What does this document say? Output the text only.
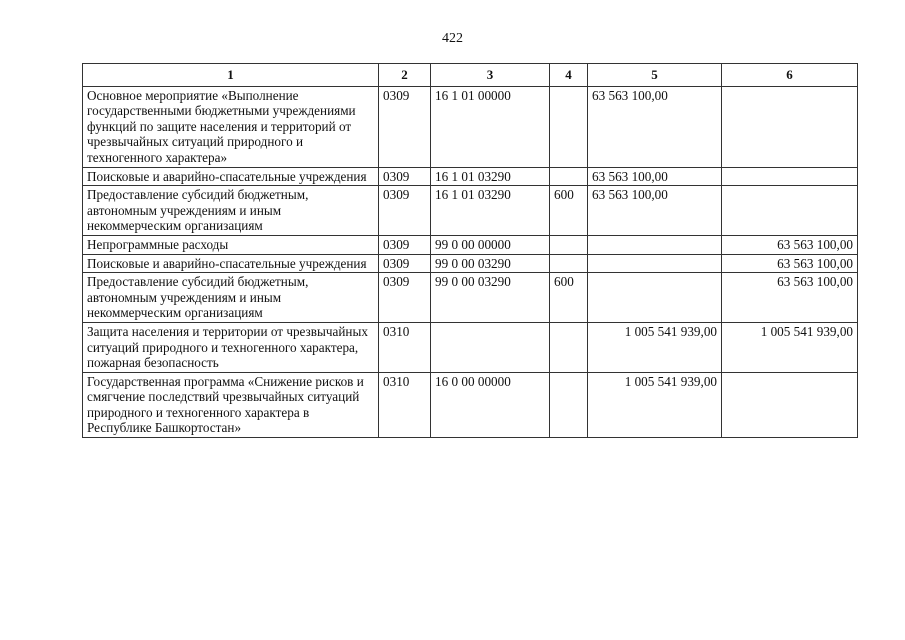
422
1	2	3	4	5	6
Основное мероприятие «Выполнение государственными бюджетными учреждениями функций по защите населения и территорий от чрезвычайных ситуаций природного и техногенного характера»	0309	16 1 01 00000		63 563 100,00	
Поисковые и аварийно-спасательные учреждения	0309	16 1 01 03290		63 563 100,00	
Предоставление субсидий бюджетным, автономным учреждениям и иным некоммерческим организациям	0309	16 1 01 03290	600	63 563 100,00	
Непрограммные расходы	0309	99 0 00 00000			63 563 100,00
Поисковые и аварийно-спасательные учреждения	0309	99 0 00 03290			63 563 100,00
Предоставление субсидий бюджетным, автономным учреждениям и иным некоммерческим организациям	0309	99 0 00 03290	600		63 563 100,00
Защита населения и территории от чрезвычайных ситуаций природного и техногенного характера, пожарная безопасность	0310			1 005 541 939,00	1 005 541 939,00
Государственная программа «Снижение рисков и смягчение последствий чрезвычайных ситуаций природного и техногенного характера в Республике Башкортостан»	0310	16 0 00 00000		1 005 541 939,00	
